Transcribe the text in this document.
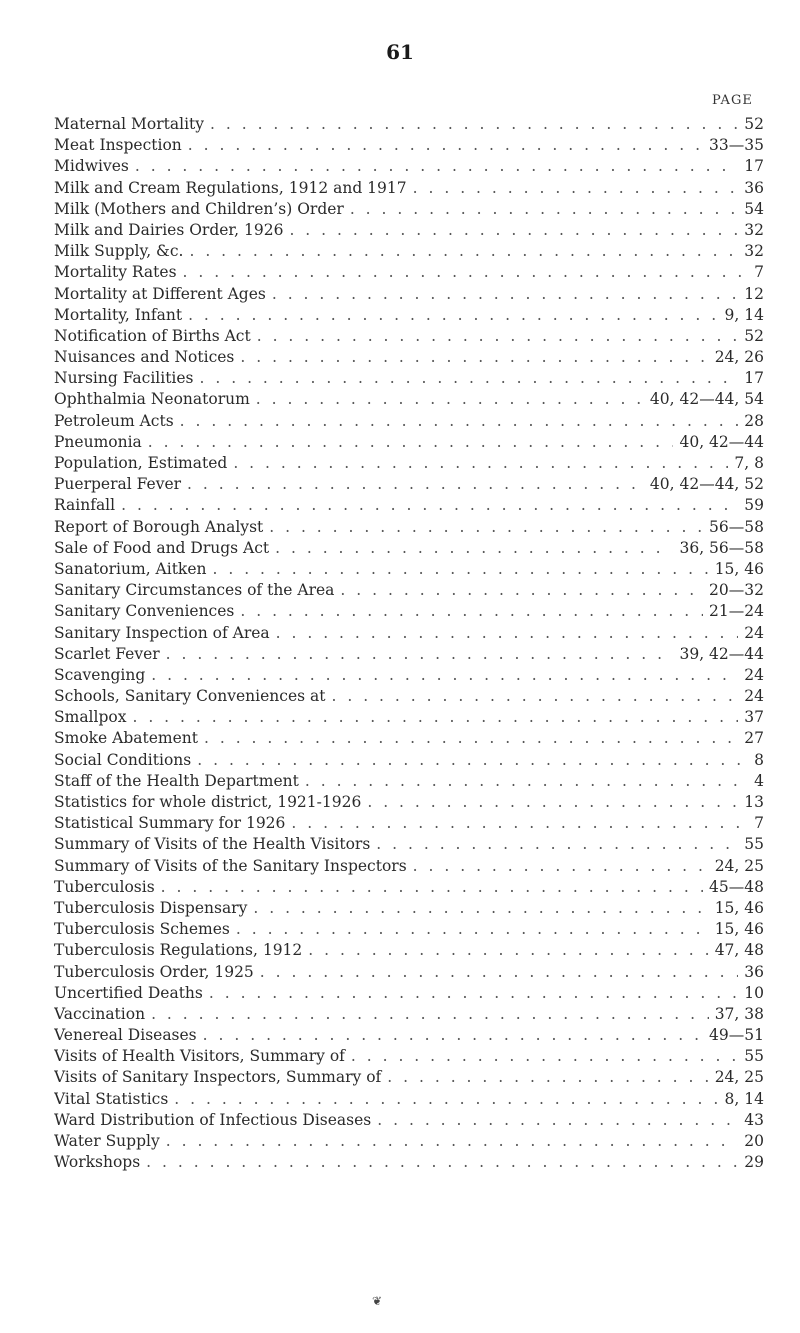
61
PAGE
Maternal Mortality . . .	52
Meat Inspection . . .	33—35
Midwives . . .	17
Milk and Cream Regulations, 1912 and 1917 . . .	36
Milk (Mothers and Children’s) Order . . .	54
Milk and Dairies Order, 1926 . . .	32
Milk Supply, &c. . . .	32
Mortality Rates . . .	7
Mortality at Different Ages . . .	12
Mortality, Infant . . .	9, 14
Notification of Births Act . . .	52
Nuisances and Notices . . .	24, 26
Nursing Facilities . . .	17
Ophthalmia Neonatorum . . .	40, 42—44, 54
Petroleum Acts . . .	28
Pneumonia . . .	40, 42—44
Population, Estimated . . .	7, 8
Puerperal Fever . . .	40, 42—44, 52
Rainfall . . .	59
Report of Borough Analyst . . .	56—58
Sale of Food and Drugs Act . . .	36, 56—58
Sanatorium, Aitken . . .	15, 46
Sanitary Circumstances of the Area . . .	20—32
Sanitary Conveniences . . .	21—24
Sanitary Inspection of Area . . .	24
Scarlet Fever . . .	39, 42—44
Scavenging . . .	24
Schools, Sanitary Conveniences at . . .	24
Smallpox . . .	37
Smoke Abatement . . .	27
Social Conditions . . .	8
Staff of the Health Department . . .	4
Statistics for whole district, 1921-1926 . . .	13
Statistical Summary for 1926 . . .	7
Summary of Visits of the Health Visitors . . .	55
Summary of Visits of the Sanitary Inspectors . . .	24, 25
Tuberculosis . . .	45—48
Tuberculosis Dispensary . . .	15, 46
Tuberculosis Schemes . . .	15, 46
Tuberculosis Regulations, 1912 . . .	47, 48
Tuberculosis Order, 1925 . . .	36
Uncertified Deaths . . .	10
Vaccination . . .	37, 38
Venereal Diseases . . .	49—51
Visits of Health Visitors, Summary of . . .	55
Visits of Sanitary Inspectors, Summary of . . .	24, 25
Vital Statistics . . .	8, 14
Ward Distribution of Infectious Diseases . . .	43
Water Supply . . .	20
Workshops . . .	29
❦
